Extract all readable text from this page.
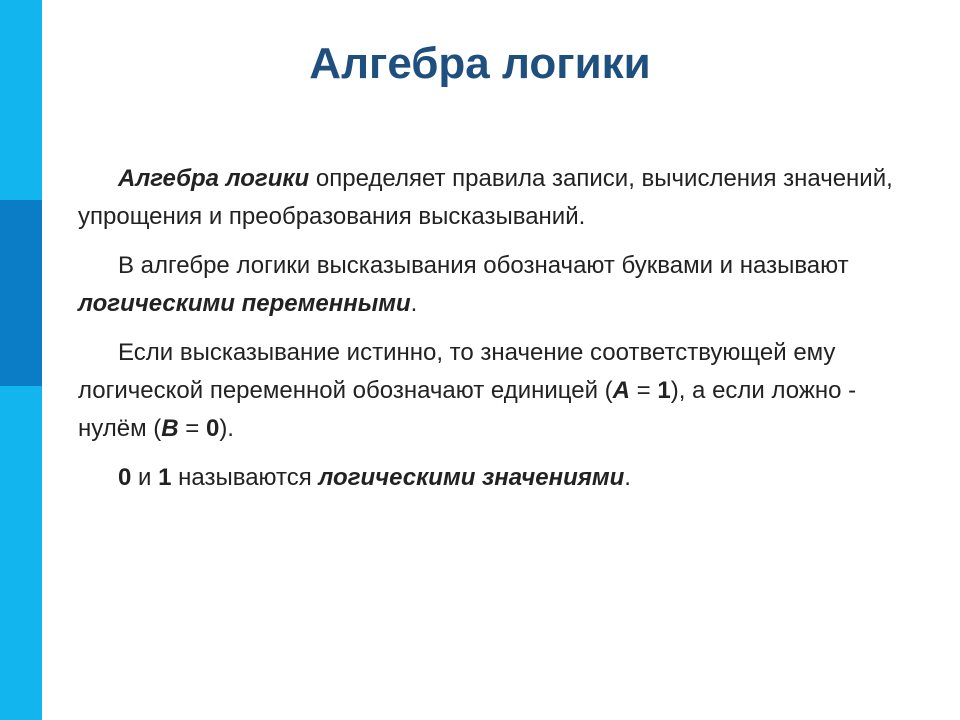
Алгебра логики

Алгебра логики определяет правила записи, вычисления значений, упрощения и преобразования высказываний.

В алгебре логики высказывания обозначают буквами и называют логическими переменными.

Если высказывание истинно, то значение соответствующей ему логической переменной обозначают единицей (А = 1), а если ложно - нулём (В = 0).

0 и 1 называются логическими значениями.
